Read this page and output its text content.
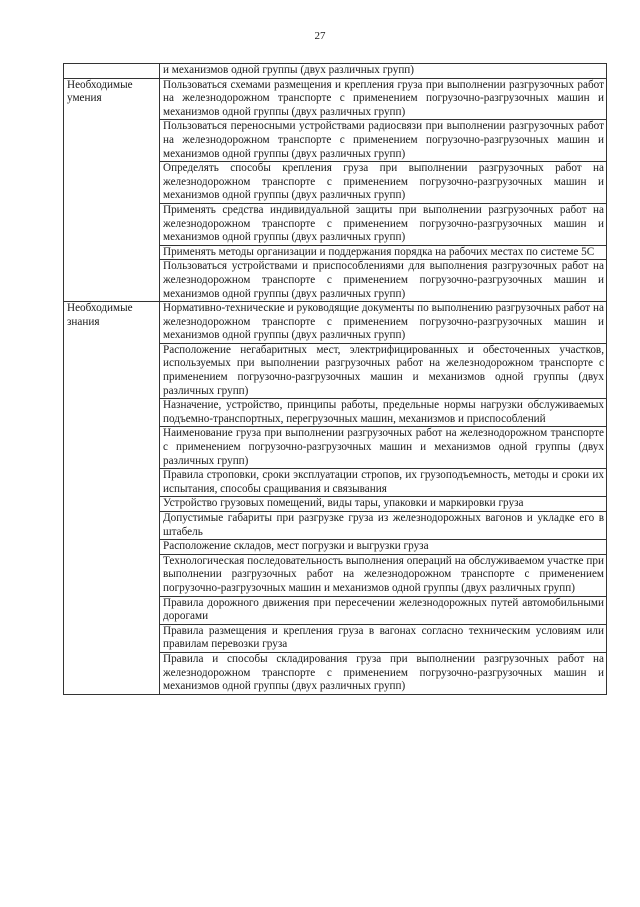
27

	и механизмов одной группы (двух различных групп)

Необходимые умения	Пользоваться схемами размещения и крепления груза при выполнении разгрузочных работ на железнодорожном транспорте с применением погрузочно-разгрузочных машин и механизмов одной группы (двух различных групп)

	Пользоваться переносными устройствами радиосвязи при выполнении разгрузочных работ на железнодорожном транспорте с применением погрузочно-разгрузочных машин и механизмов одной группы (двух различных групп)

	Определять способы крепления груза при выполнении разгрузочных работ на железнодорожном транспорте с применением погрузочно-разгрузочных машин и механизмов одной группы (двух различных групп)

	Применять средства индивидуальной защиты при выполнении разгрузочных работ на железнодорожном транспорте с применением погрузочно-разгрузочных машин и механизмов одной группы (двух различных групп)

	Применять методы организации и поддержания порядка на рабочих местах по системе 5С

	Пользоваться устройствами и приспособлениями для выполнения разгрузочных работ на железнодорожном транспорте с применением погрузочно-разгрузочных машин и механизмов одной группы (двух различных групп)

Необходимые знания	Нормативно-технические и руководящие документы по выполнению разгрузочных работ на железнодорожном транспорте с применением погрузочно-разгрузочных машин и механизмов одной группы (двух различных групп)

	Расположение негабаритных мест, электрифицированных и обесточенных участков, используемых при выполнении разгрузочных работ на железнодорожном транспорте с применением погрузочно-разгрузочных машин и механизмов одной группы (двух различных групп)

	Назначение, устройство, принципы работы, предельные нормы нагрузки обслуживаемых подъемно-транспортных, перегрузочных машин, механизмов и приспособлений

	Наименование груза при выполнении разгрузочных работ на железнодорожном транспорте с применением погрузочно-разгрузочных машин и механизмов одной группы (двух различных групп)

	Правила строповки, сроки эксплуатации стропов, их грузоподъемность, методы и сроки их испытания, способы сращивания и связывания

	Устройство грузовых помещений, виды тары, упаковки и маркировки груза

	Допустимые габариты при разгрузке груза из железнодорожных вагонов и укладке его в штабель

	Расположение складов, мест погрузки и выгрузки груза

	Технологическая последовательность выполнения операций на обслуживаемом участке при выполнении разгрузочных работ на железнодорожном транспорте с применением погрузочно-разгрузочных машин и механизмов одной группы (двух различных групп)

	Правила дорожного движения при пересечении железнодорожных путей автомобильными дорогами

	Правила размещения и крепления груза в вагонах согласно техническим условиям или правилам перевозки груза

	Правила и способы складирования груза при выполнении разгрузочных работ на железнодорожном транспорте с применением погрузочно-разгрузочных машин и механизмов одной группы (двух различных групп)
